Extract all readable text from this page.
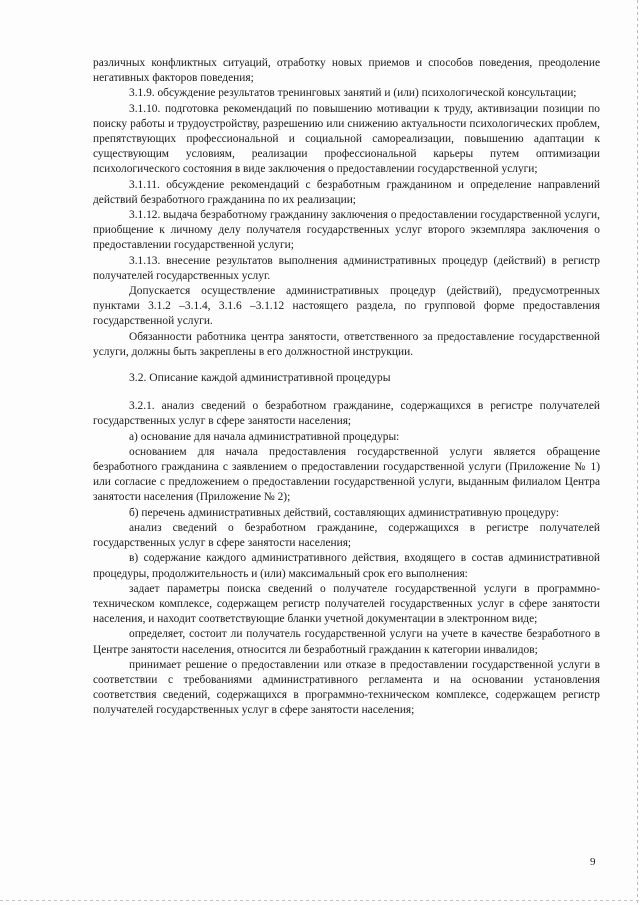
различных конфликтных ситуаций, отработку новых приемов и способов поведения, преодоление негативных факторов поведения;

3.1.9. обсуждение результатов тренинговых занятий и (или) психологической консультации;

3.1.10. подготовка рекомендаций по повышению мотивации к труду, активизации позиции по поиску работы и трудоустройству, разрешению или снижению актуальности психологических проблем, препятствующих профессиональной и социальной самореализации, повышению адаптации к существующим условиям, реализации профессиональной карьеры путем оптимизации психологического состояния в виде заключения о предоставлении государственной услуги;

3.1.11. обсуждение рекомендаций с безработным гражданином и определение направлений действий безработного гражданина по их реализации;

3.1.12. выдача безработному гражданину заключения о предоставлении государственной услуги, приобщение к личному делу получателя государственных услуг второго экземпляра заключения о предоставлении государственной услуги;

3.1.13. внесение результатов выполнения административных процедур (действий) в регистр получателей государственных услуг.

Допускается осуществление административных процедур (действий), предусмотренных пунктами 3.1.2 –3.1.4, 3.1.6 –3.1.12 настоящего раздела, по групповой форме предоставления государственной услуги.

Обязанности работника центра занятости, ответственного за предоставление государственной услуги, должны быть закреплены в его должностной инструкции.

3.2. Описание каждой административной процедуры

3.2.1. анализ сведений о безработном гражданине, содержащихся в регистре получателей государственных услуг в сфере занятости населения;

а) основание для начала административной процедуры:

основанием для начала предоставления государственной услуги является обращение безработного гражданина с заявлением о предоставлении государственной услуги (Приложение № 1) или согласие с предложением о предоставлении государственной услуги, выданным филиалом Центра занятости населения (Приложение № 2);

б) перечень административных действий, составляющих административную процедуру:

анализ сведений о безработном гражданине, содержащихся в регистре получателей государственных услуг в сфере занятости населения;

в) содержание каждого административного действия, входящего в состав административной процедуры, продолжительность и (или) максимальный срок его выполнения:

задает параметры поиска сведений о получателе государственной услуги в программно-техническом комплексе, содержащем регистр получателей государственных услуг в сфере занятости населения, и находит соответствующие бланки учетной документации в электронном виде;

определяет, состоит ли получатель государственной услуги на учете в качестве безработного в Центре занятости населения, относится ли безработный гражданин к категории инвалидов;

принимает решение о предоставлении или отказе в предоставлении государственной услуги в соответствии с требованиями административного регламента и на основании установления соответствия сведений, содержащихся в программно-техническом комплексе, содержащем регистр получателей государственных услуг в сфере занятости населения;

9
